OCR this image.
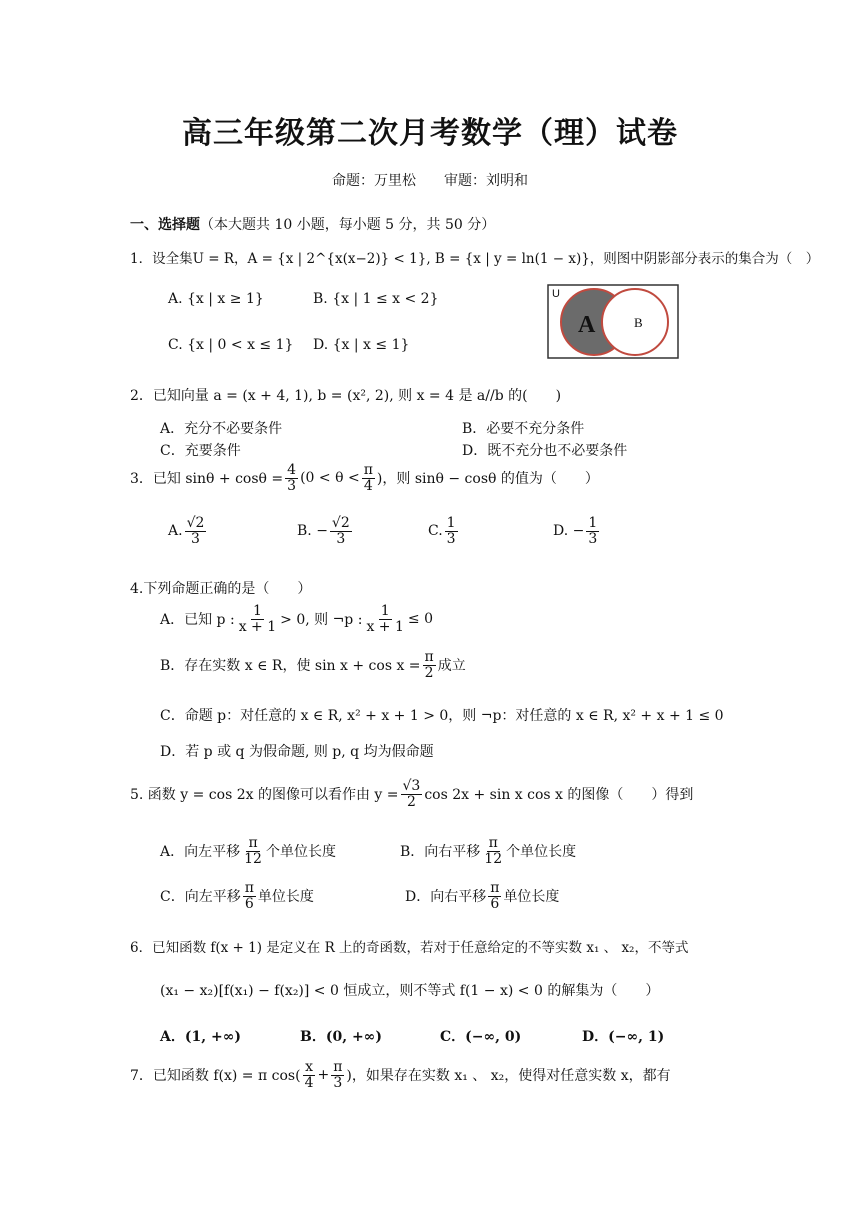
高三年级第二次月考数学（理）试卷
命题：万里松　　审题：刘明和
一、选择题（本大题共 10 小题，每小题 5 分，共 50 分）
1．设全集U = R，A = {x | 2^{x(x−2)} < 1}, B = {x | y = ln(1 − x)}，则图中阴影部分表示的集合为（　）
A. {x | x ≥ 1}	B. {x | 1 ≤ x < 2}
C. {x | 0 < x ≤ 1} D. {x | x ≤ 1}
U
A	B
2．已知向量 a = (x + 4, 1), b = (x², 2), 则 x = 4 是 a//b 的(　　)
A．充分不必要条件	B．必要不充分条件
C．充要条件	D．既不充分也不必要条件
3．已知 $\sin\theta + \cos\theta = \frac{4}{3} (0 < \theta < \frac{\pi}{4}$ )，则 sinθ − cosθ 的值为（　　）
A. $\frac{√2}{3}$	B. − $\frac{√2}{3}$	C. $\frac{1}{3}$	D. − $\frac{1}{3}$
4.下列命题正确的是（　　）
A．已知 p : $\frac{1}{x + 1} > 0$, 则 ¬p : $\frac{1}{x + 1} \le 0$
B．存在实数 x ∈ R，使 $\sin x + \cos x = \frac{\pi}{2}$ 成立
C．命题 p：对任意的 x ∈ R, x² + x + 1 > 0，则 ¬p：对任意的 x ∈ R, x² + x + 1 ≤ 0
D．若 p 或 q 为假命题, 则 p, q 均为假命题
5. 函数 y = cos 2x 的图像可以看作由 $y = \frac{√3}{2}$ cos 2x + sin x cos x 的图像（　　）得到
A．向左平移 $\frac{\pi}{12}$ 个单位长度	B．向右平移 $\frac{\pi}{12}$ 个单位长度
C．向左平移 $\frac{\pi}{6}$ 单位长度	D．向右平移 $\frac{\pi}{6}$ 单位长度
6．已知函数 f(x + 1) 是定义在 R 上的奇函数，若对于任意给定的不等实数 x₁ 、 x₂，不等式
(x₁ − x₂)[f(x₁) − f(x₂)] < 0 恒成立，则不等式 f(1 − x) < 0 的解集为（　　）
A．(1, +∞)	B．(0, +∞)	C．(−∞, 0)	D．(−∞, 1)
7．已知函数 f(x) = π $\cos( \frac{x}{4} + \frac{\pi}{3}$ )，如果存在实数 x₁ 、 x₂，使得对任意实数 x，都有
